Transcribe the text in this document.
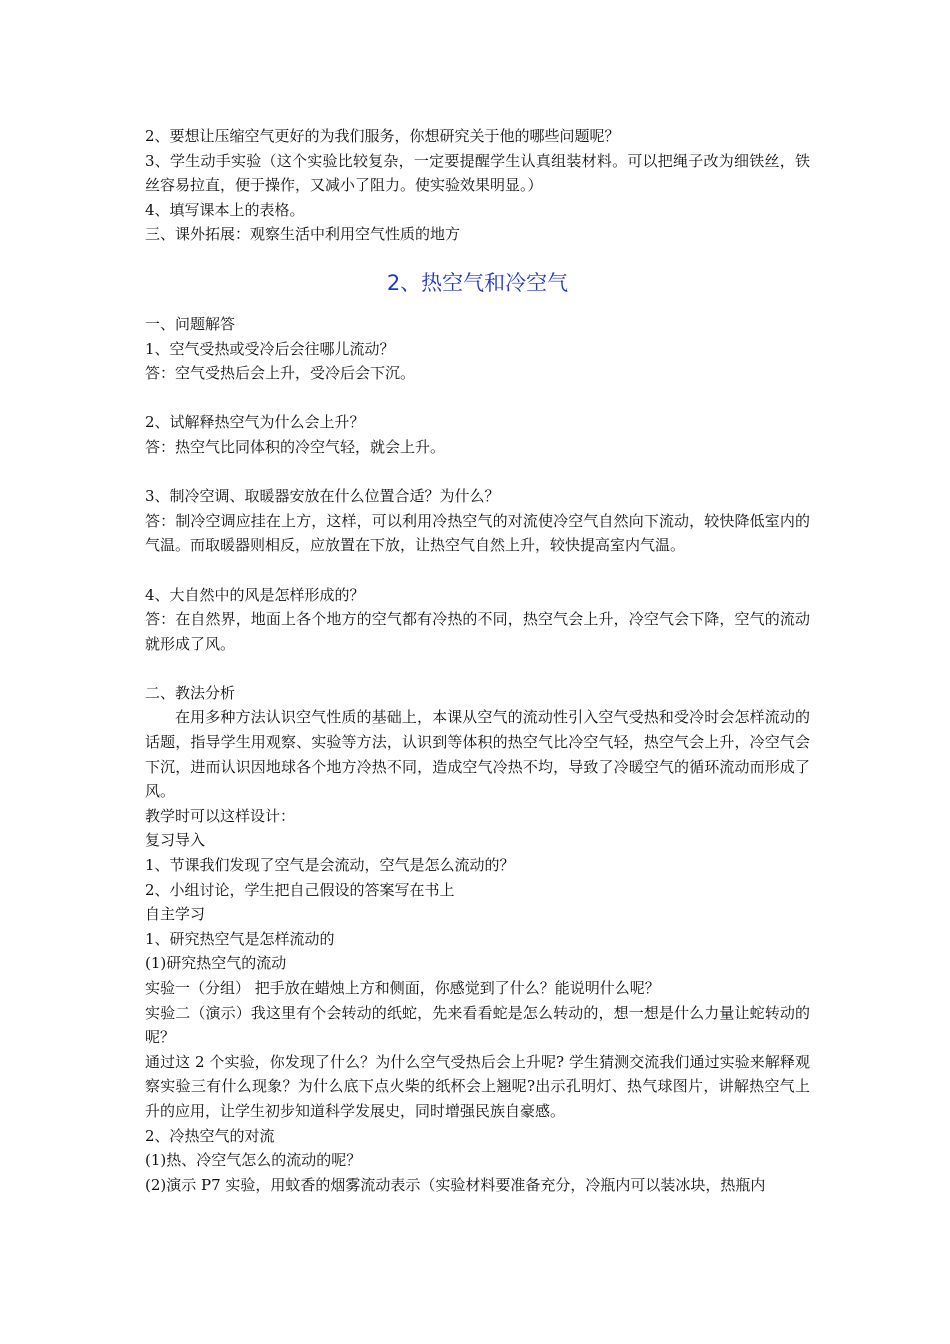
2、要想让压缩空气更好的为我们服务，你想研究关于他的哪些问题呢？
3、学生动手实验（这个实验比较复杂，一定要提醒学生认真组装材料。可以把绳子改为细铁丝，铁丝容易拉直，便于操作，又减小了阻力。使实验效果明显。）
4、填写课本上的表格。
三、课外拓展：观察生活中利用空气性质的地方
2、热空气和冷空气
一、问题解答
1、空气受热或受冷后会往哪儿流动？
答：空气受热后会上升，受冷后会下沉。
2、试解释热空气为什么会上升？
答：热空气比同体积的冷空气轻，就会上升。
3、制冷空调、取暖器安放在什么位置合适？为什么？
答：制冷空调应挂在上方，这样，可以利用冷热空气的对流使冷空气自然向下流动，较快降低室内的气温。而取暖器则相反，应放置在下放，让热空气自然上升，较快提高室内气温。
4、大自然中的风是怎样形成的？
答：在自然界，地面上各个地方的空气都有冷热的不同，热空气会上升，冷空气会下降，空气的流动就形成了风。
二、教法分析
在用多种方法认识空气性质的基础上，本课从空气的流动性引入空气受热和受冷时会怎样流动的话题，指导学生用观察、实验等方法，认识到等体积的热空气比冷空气轻，热空气会上升，冷空气会下沉，进而认识因地球各个地方冷热不同，造成空气冷热不均，导致了冷暖空气的循环流动而形成了风。
教学时可以这样设计：
复习导入
1、节课我们发现了空气是会流动，空气是怎么流动的？
2、小组讨论，学生把自己假设的答案写在书上
自主学习
1、研究热空气是怎样流动的
(1)研究热空气的流动
实验一（分组） 把手放在蜡烛上方和侧面，你感觉到了什么？能说明什么呢？
实验二（演示）我这里有个会转动的纸蛇，先来看看蛇是怎么转动的，想一想是什么力量让蛇转动的呢？
通过这 2 个实验，你发现了什么？为什么空气受热后会上升呢? 学生猜测交流我们通过实验来解释观察实验三有什么现象？为什么底下点火柴的纸杯会上翘呢?出示孔明灯、热气球图片，讲解热空气上升的应用，让学生初步知道科学发展史，同时增强民族自豪感。
2、冷热空气的对流
(1)热、冷空气怎么的流动的呢？
(2)演示 P7 实验，用蚊香的烟雾流动表示（实验材料要准备充分，冷瓶内可以装冰块，热瓶内
